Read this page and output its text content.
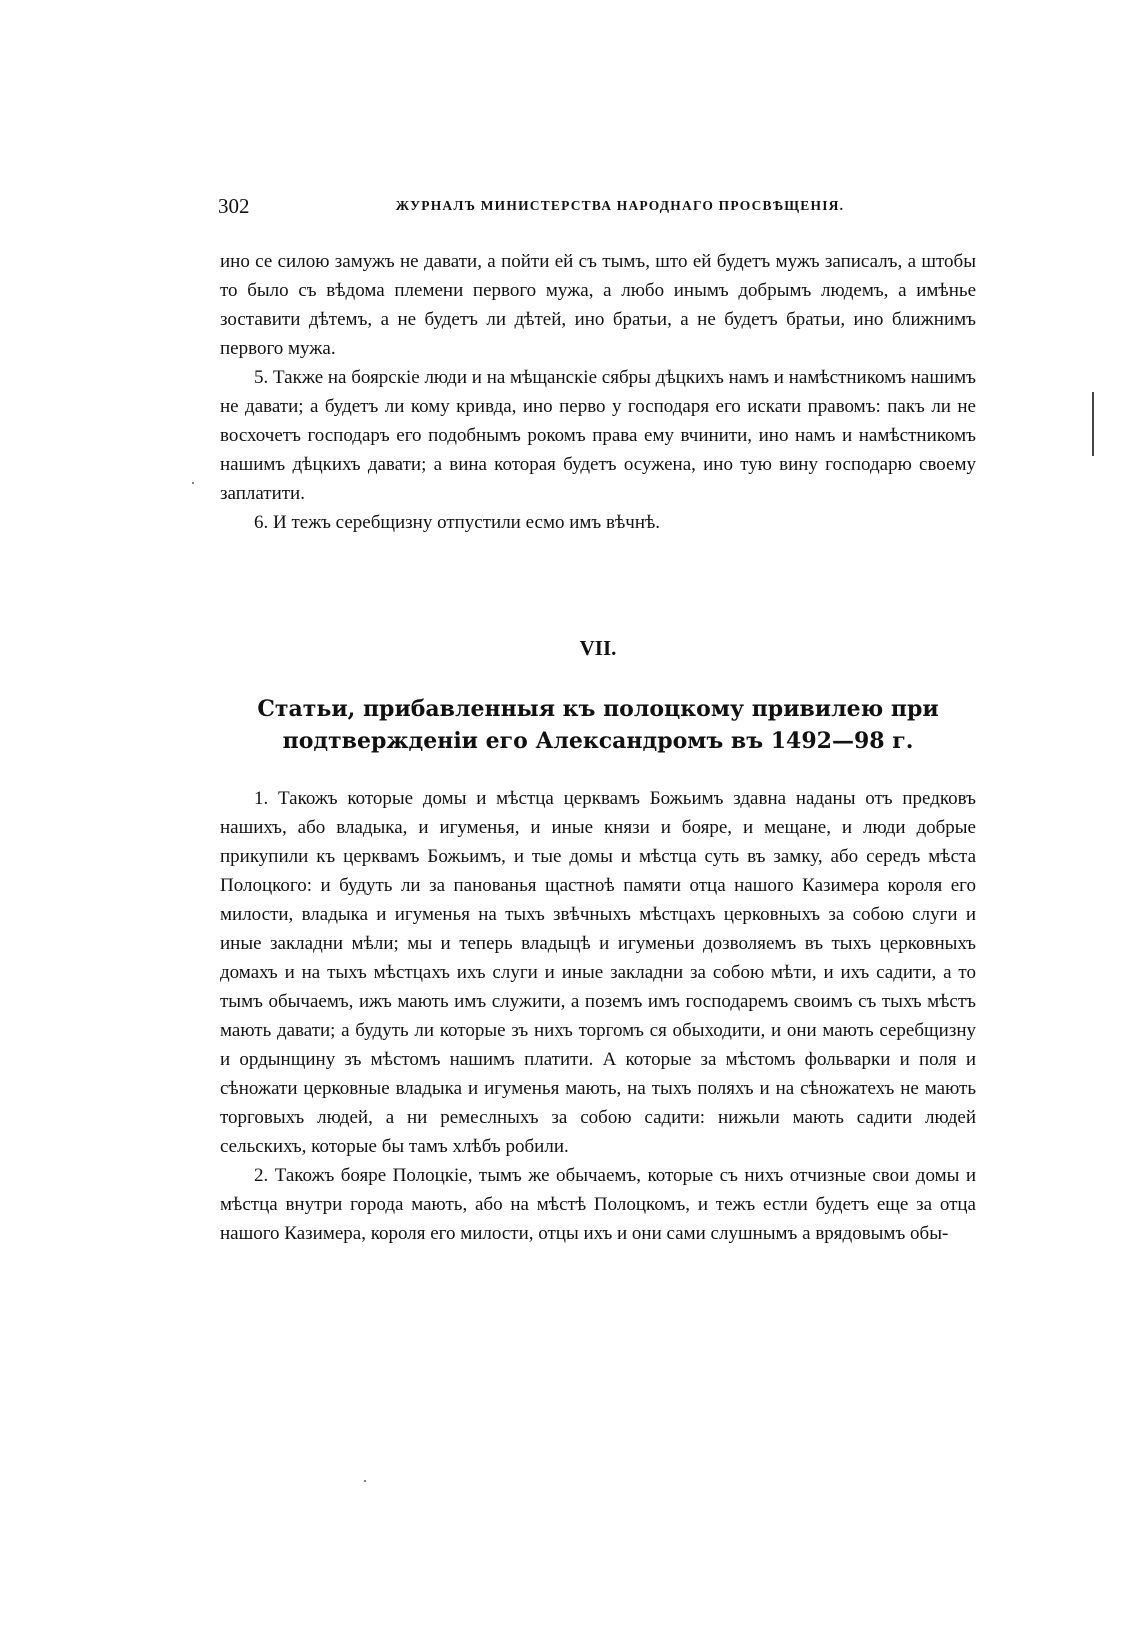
302	ЖУРНАЛЪ МИНИСТЕРСТВА НАРОДНАГО ПРОСВѢЩЕНІЯ.

ино се силою замужъ не давати, а пойти ей съ тымъ, што ей будетъ мужъ записалъ, а штобы то было съ вѣдома племени первого мужа, а любо инымъ добрымъ людемъ, а имѣнье зоставити дѣтемъ, а не будетъ ли дѣтей, ино братьи, а не будетъ братьи, ино ближнимъ первого мужа.

5. Также на боярскіе люди и на мѣщанскіе сябры дѣцкихъ намъ и намѣстникомъ нашимъ не давати; а будетъ ли кому кривда, ино перво у господаря его искати правомъ: пакъ ли не восхочетъ господаръ его подобнымъ рокомъ права ему вчинити, ино намъ и намѣстникомъ нашимъ дѣцкихъ давати; а вина которая будетъ осужена, ино тую вину господарю своему заплатити.

6. И тежъ серебщизну отпустили есмо имъ вѣчнѣ.

VII.
Статьи, прибавленныя къ полоцкому привилею при
подтвержденіи его Александромъ въ 1492—98 г.

1. Такожъ которые домы и мѣстца церквамъ Божьимъ здавна наданы отъ предковъ нашихъ, або владыка, и игуменья, и иные князи и бояре, и мещане, и люди добрые прикупили къ церквамъ Божьимъ, и тые домы и мѣстца суть въ замку, або середъ мѣста Полоцкого: и будуть ли за панованья щастноѣ памяти отца нашого Казимера короля его милости, владыка и игуменья на тыхъ звѣчныхъ мѣстцахъ церковныхъ за собою слуги и иные закладни мѣли; мы и теперь владыцѣ и игуменьи дозволяемъ въ тыхъ церковныхъ домахъ и на тыхъ мѣстцахъ ихъ слуги и иные закладни за собою мѣти, и ихъ садити, а то тымъ обычаемъ, ижъ мають имъ служити, а поземъ имъ господаремъ своимъ съ тыхъ мѣстъ мають давати; а будуть ли которые зъ нихъ торгомъ ся обыходити, и они мають серебщизну и ордынщину зъ мѣстомъ нашимъ платити. А которые за мѣстомъ фольварки и поля и сѣножати церковные владыка и игуменья мають, на тыхъ поляхъ и на сѣножатехъ не мають торговыхъ людей, а ни ремеслныхъ за собою садити: нижьли мають садити людей сельскихъ, которые бы тамъ хлѣбъ робили.

2. Такожъ бояре Полоцкіе, тымъ же обычаемъ, которые съ нихъ отчизные свои домы и мѣстца внутри города мають, або на мѣстѣ Полоцкомъ, и тежъ естли будетъ еще за отца нашого Казимера, короля его милости, отцы ихъ и они сами слушнымъ а врядовымъ обы-
